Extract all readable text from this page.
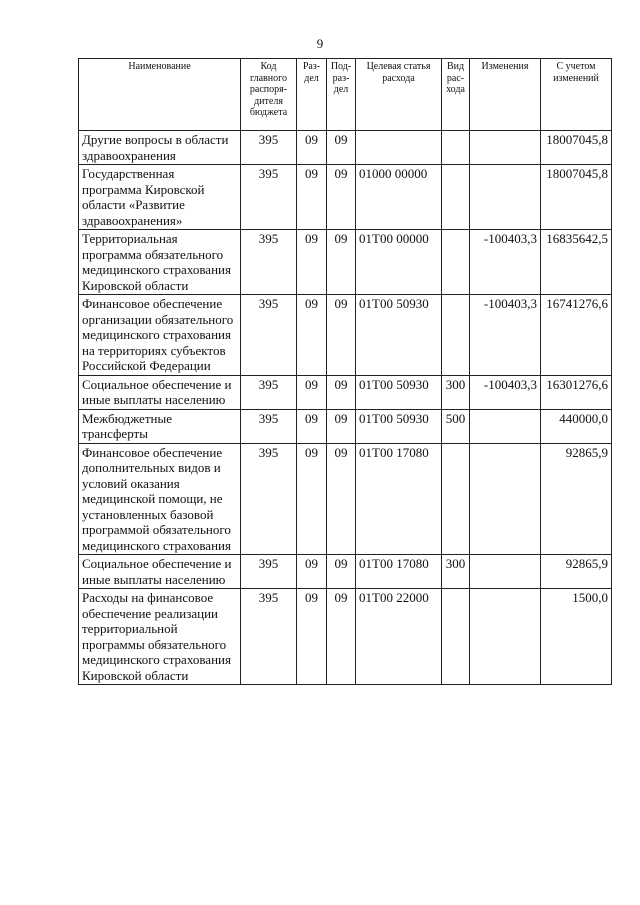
9
Наименование	Код главного распоря-дителя бюджета	Раз-дел	Под-раз-дел	Целевая статья расхода	Вид рас-хода	Изменения	С учетом изменений
Другие вопросы в области здравоохранения	395	09	09				18007045,8
Государственная программа Кировской области «Развитие здравоохранения»	395	09	09	01000 00000			18007045,8
Территориальная программа обязательного медицинского страхования Кировской области	395	09	09	01Т00 00000		-100403,3	16835642,5
Финансовое обеспечение организации обязательного медицинского страхования на территориях субъектов Российской Федерации	395	09	09	01Т00 50930		-100403,3	16741276,6
Социальное обеспечение и иные выплаты населению	395	09	09	01Т00 50930	300	-100403,3	16301276,6
Межбюджетные трансферты	395	09	09	01Т00 50930	500		440000,0
Финансовое обеспечение дополнительных видов и условий оказания медицинской помощи, не установленных базовой программой обязательного медицинского страхования	395	09	09	01Т00 17080			92865,9
Социальное обеспечение и иные выплаты населению	395	09	09	01Т00 17080	300		92865,9
Расходы на финансовое обеспечение реализации территориальной программы обязательного медицинского страхования Кировской области	395	09	09	01Т00 22000			1500,0
